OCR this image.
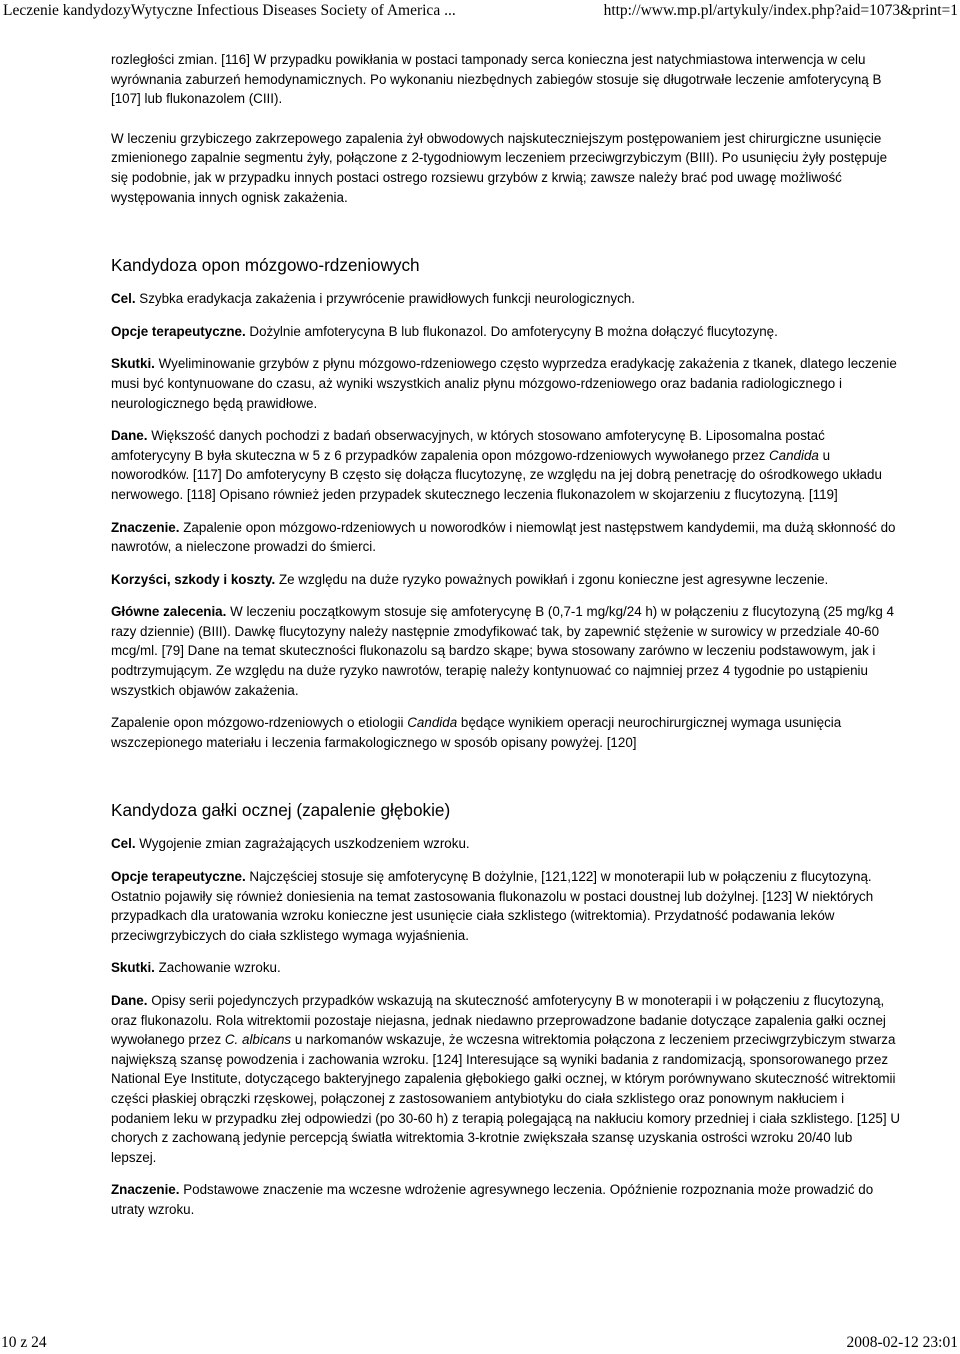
Leczenie kandydozyWytyczne Infectious Diseases Society of America ...	http://www.mp.pl/artykuly/index.php?aid=1073&print=1

rozległości zmian. [116] W przypadku powikłania w postaci tamponady serca konieczna jest natychmiastowa interwencja w celu wyrównania zaburzeń hemodynamicznych. Po wykonaniu niezbędnych zabiegów stosuje się długotrwałe leczenie amfoterycyną B [107] lub flukonazolem (CIII).

W leczeniu grzybiczego zakrzepowego zapalenia żył obwodowych najskuteczniejszym postępowaniem jest chirurgiczne usunięcie zmienionego zapalnie segmentu żyły, połączone z 2-tygodniowym leczeniem przeciwgrzybiczym (BIII). Po usunięciu żyły postępuje się podobnie, jak w przypadku innych postaci ostrego rozsiewu grzybów z krwią; zawsze należy brać pod uwagę możliwość występowania innych ognisk zakażenia.

Kandydoza opon mózgowo-rdzeniowych

Cel. Szybka eradykacja zakażenia i przywrócenie prawidłowych funkcji neurologicznych.

Opcje terapeutyczne. Dożylnie amfoterycyna B lub flukonazol. Do amfoterycyny B można dołączyć flucytozynę.

Skutki. Wyeliminowanie grzybów z płynu mózgowo-rdzeniowego często wyprzedza eradykację zakażenia z tkanek, dlatego leczenie musi być kontynuowane do czasu, aż wyniki wszystkich analiz płynu mózgowo-rdzeniowego oraz badania radiologicznego i neurologicznego będą prawidłowe.

Dane. Większość danych pochodzi z badań obserwacyjnych, w których stosowano amfoterycynę B. Liposomalna postać amfoterycyny B była skuteczna w 5 z 6 przypadków zapalenia opon mózgowo-rdzeniowych wywołanego przez Candida u noworodków. [117] Do amfoterycyny B często się dołącza flucytozynę, ze względu na jej dobrą penetrację do ośrodkowego układu nerwowego. [118] Opisano również jeden przypadek skutecznego leczenia flukonazolem w skojarzeniu z flucytozyną. [119]

Znaczenie. Zapalenie opon mózgowo-rdzeniowych u noworodków i niemowląt jest następstwem kandydemii, ma dużą skłonność do nawrotów, a nieleczone prowadzi do śmierci.

Korzyści, szkody i koszty. Ze względu na duże ryzyko poważnych powikłań i zgonu konieczne jest agresywne leczenie.

Główne zalecenia. W leczeniu początkowym stosuje się amfoterycynę B (0,7-1 mg/kg/24 h) w połączeniu z flucytozyną (25 mg/kg 4 razy dziennie) (BIII). Dawkę flucytozyny należy następnie zmodyfikować tak, by zapewnić stężenie w surowicy w przedziale 40-60 mcg/ml. [79] Dane na temat skuteczności flukonazolu są bardzo skąpe; bywa stosowany zarówno w leczeniu podstawowym, jak i podtrzymującym. Ze względu na duże ryzyko nawrotów, terapię należy kontynuować co najmniej przez 4 tygodnie po ustąpieniu wszystkich objawów zakażenia.

Zapalenie opon mózgowo-rdzeniowych o etiologii Candida będące wynikiem operacji neurochirurgicznej wymaga usunięcia wszczepionego materiału i leczenia farmakologicznego w sposób opisany powyżej. [120]

Kandydoza gałki ocznej (zapalenie głębokie)

Cel. Wygojenie zmian zagrażających uszkodzeniem wzroku.

Opcje terapeutyczne. Najczęściej stosuje się amfoterycynę B dożylnie, [121,122] w monoterapii lub w połączeniu z flucytozyną. Ostatnio pojawiły się również doniesienia na temat zastosowania flukonazolu w postaci doustnej lub dożylnej. [123] W niektórych przypadkach dla uratowania wzroku konieczne jest usunięcie ciała szklistego (witrektomia). Przydatność podawania leków przeciwgrzybiczych do ciała szklistego wymaga wyjaśnienia.

Skutki. Zachowanie wzroku.

Dane. Opisy serii pojedynczych przypadków wskazują na skuteczność amfoterycyny B w monoterapii i w połączeniu z flucytozyną, oraz flukonazolu. Rola witrektomii pozostaje niejasna, jednak niedawno przeprowadzone badanie dotyczące zapalenia gałki ocznej wywołanego przez C. albicans u narkomanów wskazuje, że wczesna witrektomia połączona z leczeniem przeciwgrzybiczym stwarza największą szansę powodzenia i zachowania wzroku. [124] Interesujące są wyniki badania z randomizacją, sponsorowanego przez National Eye Institute, dotyczącego bakteryjnego zapalenia głębokiego gałki ocznej, w którym porównywano skuteczność witrektomii części płaskiej obrączki rzęskowej, połączonej z zastosowaniem antybiotyku do ciała szklistego oraz ponownym nakłuciem i podaniem leku w przypadku złej odpowiedzi (po 30-60 h) z terapią polegającą na nakłuciu komory przedniej i ciała szklistego. [125] U chorych z zachowaną jedynie percepcją światła witrektomia 3-krotnie zwiększała szansę uzyskania ostrości wzroku 20/40 lub lepszej.

Znaczenie. Podstawowe znaczenie ma wczesne wdrożenie agresywnego leczenia. Opóźnienie rozpoznania może prowadzić do utraty wzroku.

10 z 24	2008-02-12 23:01
